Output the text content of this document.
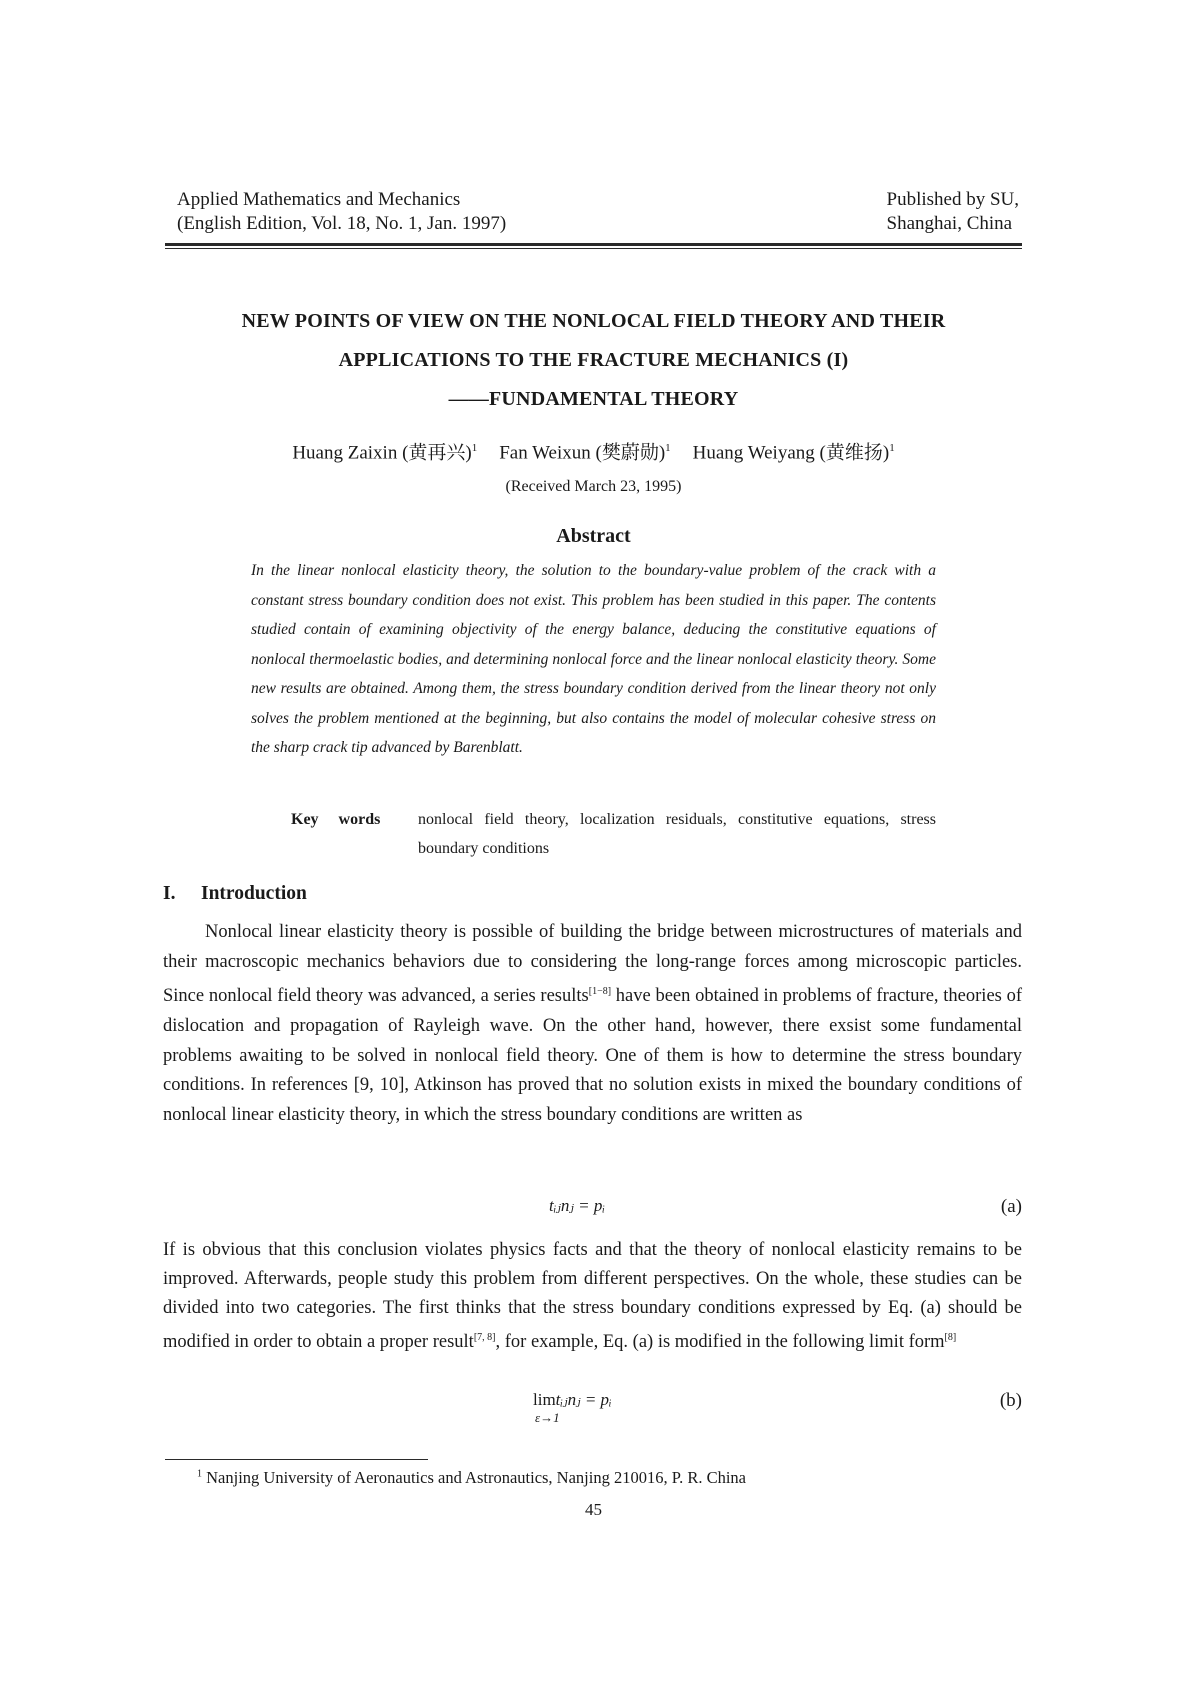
Applied Mathematics and Mechanics
(English Edition, Vol. 18, No. 1, Jan. 1997)
Published by SU,
Shanghai, China
NEW POINTS OF VIEW ON THE NONLOCAL FIELD THEORY AND THEIR
APPLICATIONS TO THE FRACTURE MECHANICS (I)
——FUNDAMENTAL THEORY
Huang Zaixin (黄再兴)$^1$ Fan Weixun (樊蔚勋)$^1$ Huang Weiyang (黄维扬)$^1$
(Received March 23, 1995)
Abstract
In the linear nonlocal elasticity theory, the solution to the boundary-value problem of the crack with a constant stress boundary condition does not exist. This problem has been studied in this paper. The contents studied contain of examining objectivity of the energy balance, deducing the constitutive equations of nonlocal thermoelastic bodies, and determining nonlocal force and the linear nonlocal elasticity theory. Some new results are obtained. Among them, the stress boundary condition derived from the linear theory not only solves the problem mentioned at the beginning, but also contains the model of molecular cohesive stress on the sharp crack tip advanced by Barenblatt.
Key words	nonlocal field theory, localization residuals, constitutive equations, stress boundary conditions
I. Introduction
Nonlocal linear elasticity theory is possible of building the bridge between microstructures of materials and their macroscopic mechanics behaviors due to considering the long-range forces among microscopic particles. Since nonlocal field theory was advanced, a series results[1−8] have been obtained in problems of fracture, theories of dislocation and propagation of Rayleigh wave. On the other hand, however, there exsist some fundamental problems awaiting to be solved in nonlocal field theory. One of them is how to determine the stress boundary conditions. In references [9, 10], Atkinson has proved that no solution exists in mixed the boundary conditions of nonlocal linear elasticity theory, in which the stress boundary conditions are written as
tᵢⱼnⱼ = pᵢ	(a)
If is obvious that this conclusion violates physics facts and that the theory of nonlocal elasticity remains to be improved. Afterwards, people study this problem from different perspectives. On the whole, these studies can be divided into two categories. The first thinks that the stress boundary conditions expressed by Eq. (a) should be modified in order to obtain a proper result[7, 8], for example, Eq. (a) is modified in the following limit form[8]
lim
ε→1
tᵢⱼnⱼ = pᵢ	(b)
$^1$ Nanjing University of Aeronautics and Astronautics, Nanjing 210016, P. R. China
45
